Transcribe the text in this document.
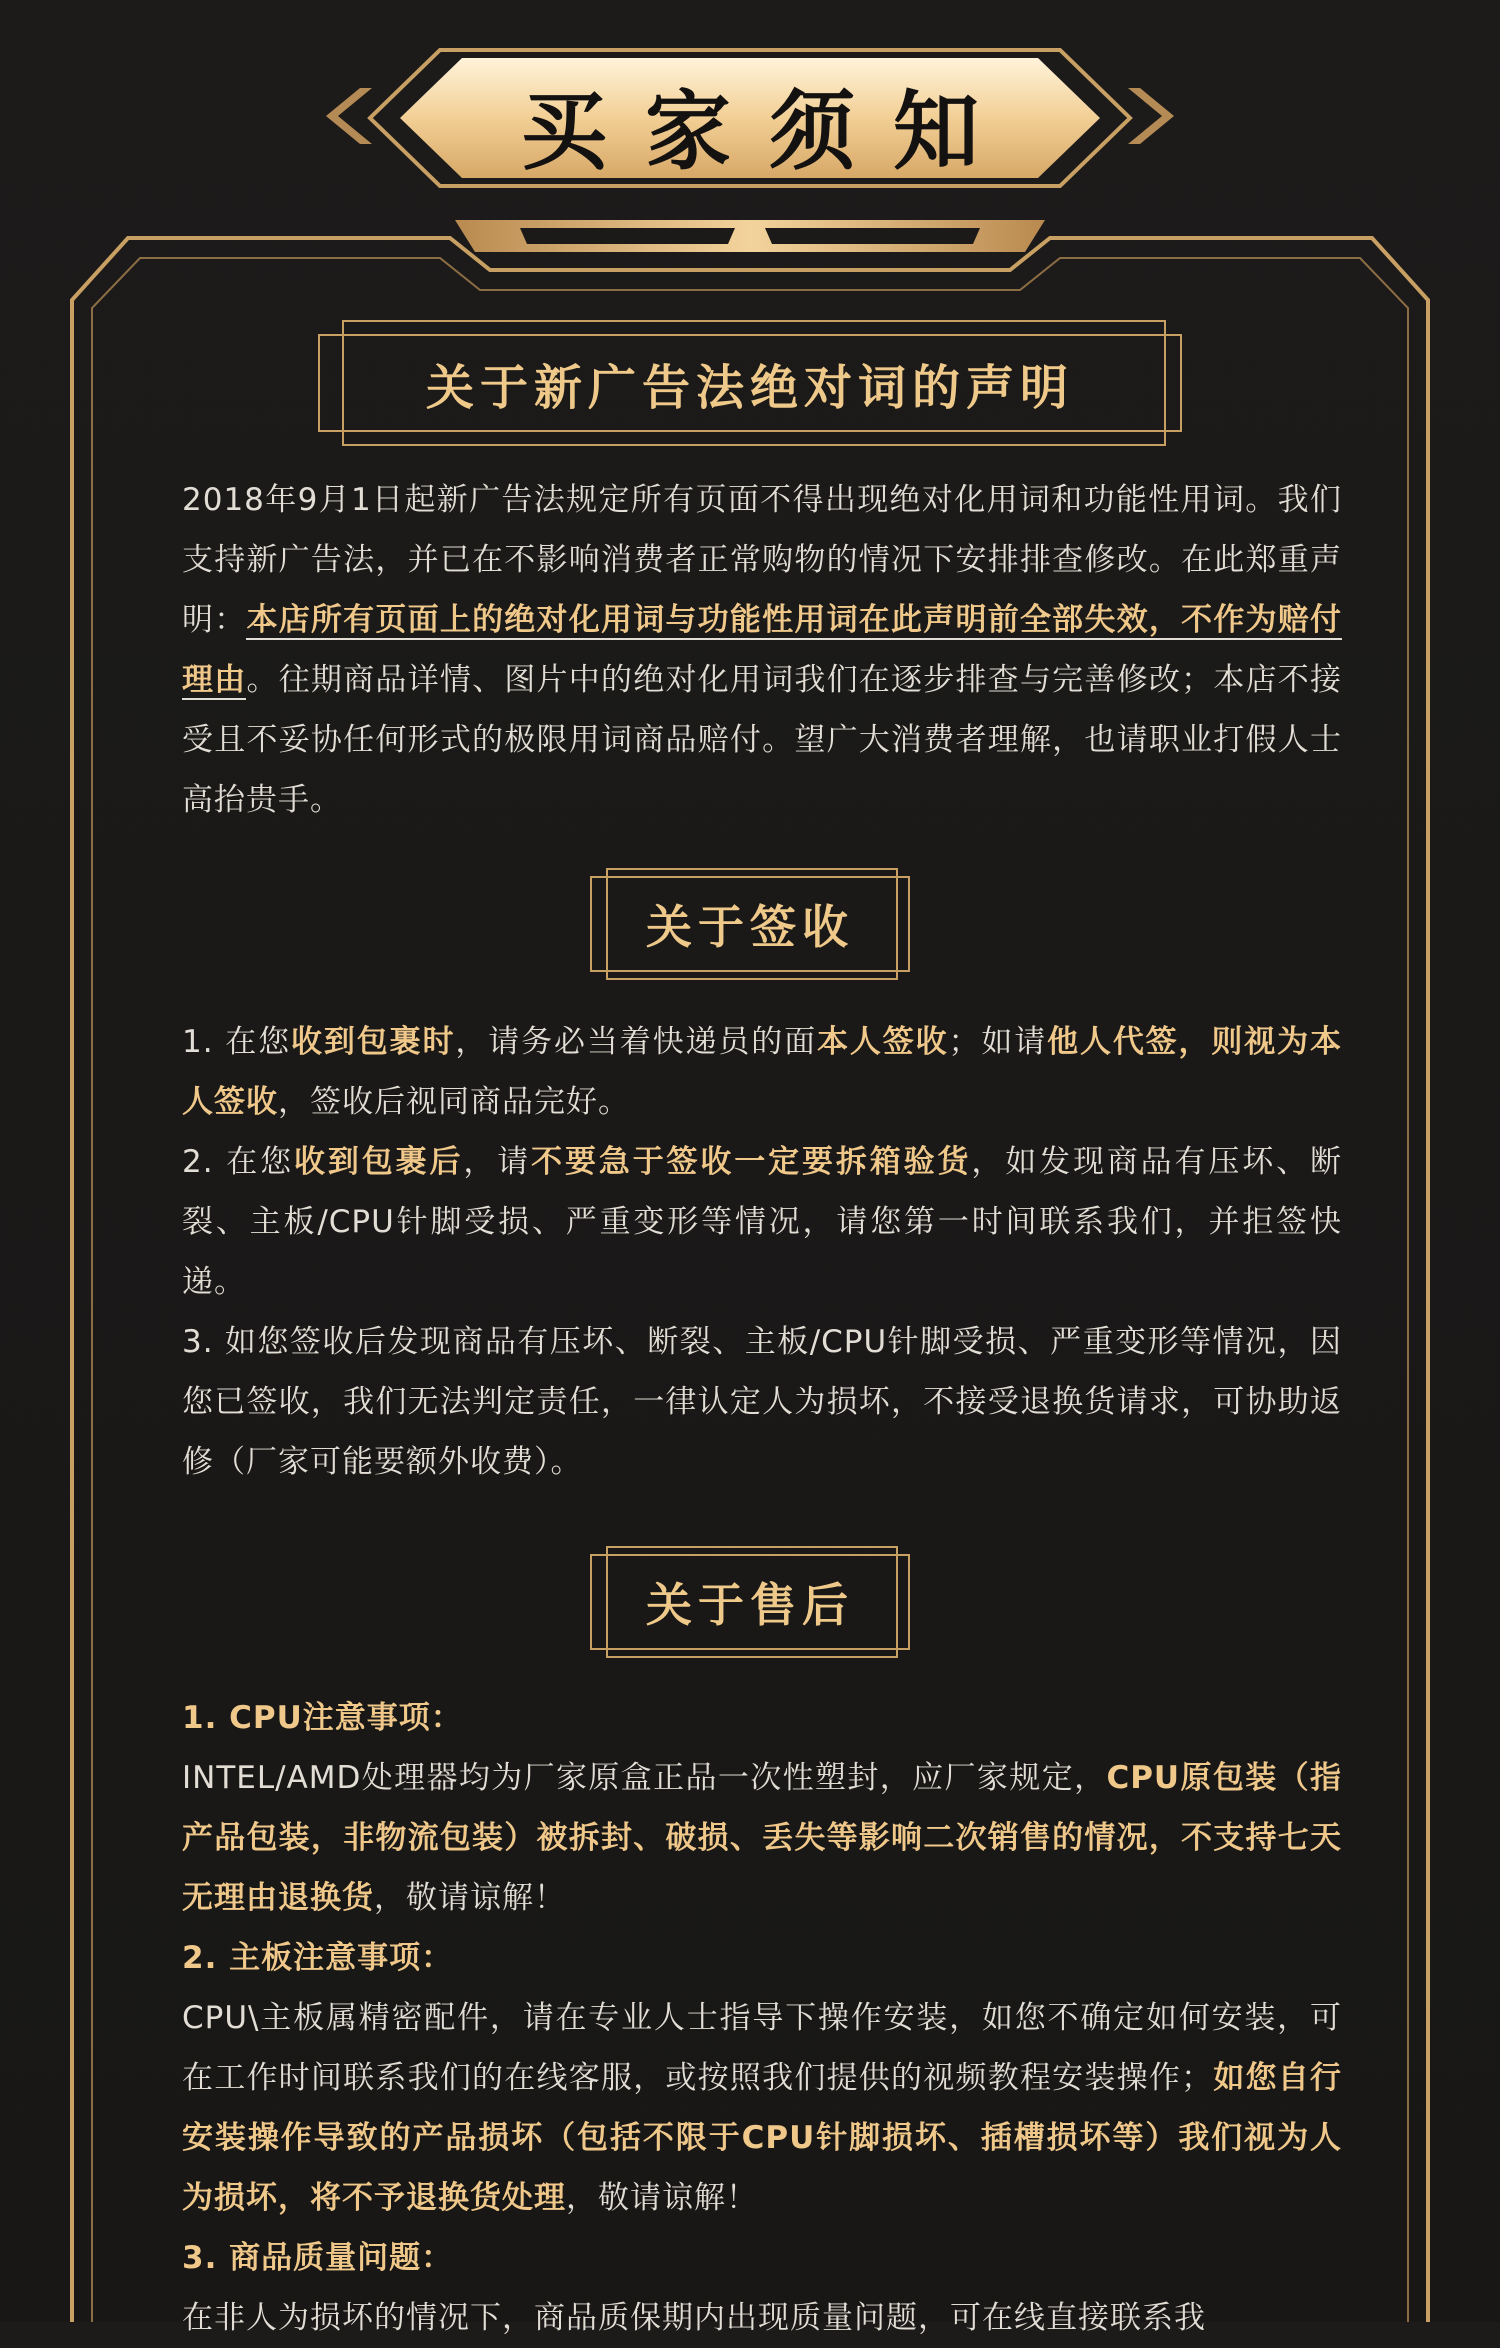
买家须知
关于新广告法绝对词的声明

2018年9月1日起新广告法规定所有页面不得出现绝对化用词和功能性用词。我们支持新广告法，并已在不影响消费者正常购物的情况下安排排查修改。在此郑重声明：本店所有页面上的绝对化用词与功能性用词在此声明前全部失效，不作为赔付理由。往期商品详情、图片中的绝对化用词我们在逐步排查与完善修改；本店不接受且不妥协任何形式的极限用词商品赔付。望广大消费者理解，也请职业打假人士高抬贵手。

关于签收

1. 在您收到包裹时，请务必当着快递员的面本人签收；如请他人代签，则视为本人签收，签收后视同商品完好。

2. 在您收到包裹后，请不要急于签收一定要拆箱验货，如发现商品有压坏、断裂、主板/CPU针脚受损、严重变形等情况，请您第一时间联系我们，并拒签快递。

3. 如您签收后发现商品有压坏、断裂、主板/CPU针脚受损、严重变形等情况，因您已签收，我们无法判定责任，一律认定人为损坏，不接受退换货请求，可协助返修（厂家可能要额外收费）。

关于售后

1. CPU注意事项：

INTEL/AMD处理器均为厂家原盒正品一次性塑封，应厂家规定，CPU原包装（指产品包装，非物流包装）被拆封、破损、丢失等影响二次销售的情况，不支持七天无理由退换货，敬请谅解！

2. 主板注意事项：

CPU\主板属精密配件，请在专业人士指导下操作安装，如您不确定如何安装，可在工作时间联系我们的在线客服，或按照我们提供的视频教程安装操作；如您自行安装操作导致的产品损坏（包括不限于CPU针脚损坏、插槽损坏等）我们视为人为损坏，将不予退换货处理，敬请谅解！

3. 商品质量问题：

在非人为损坏的情况下，商品质保期内出现质量问题，可在线直接联系我
